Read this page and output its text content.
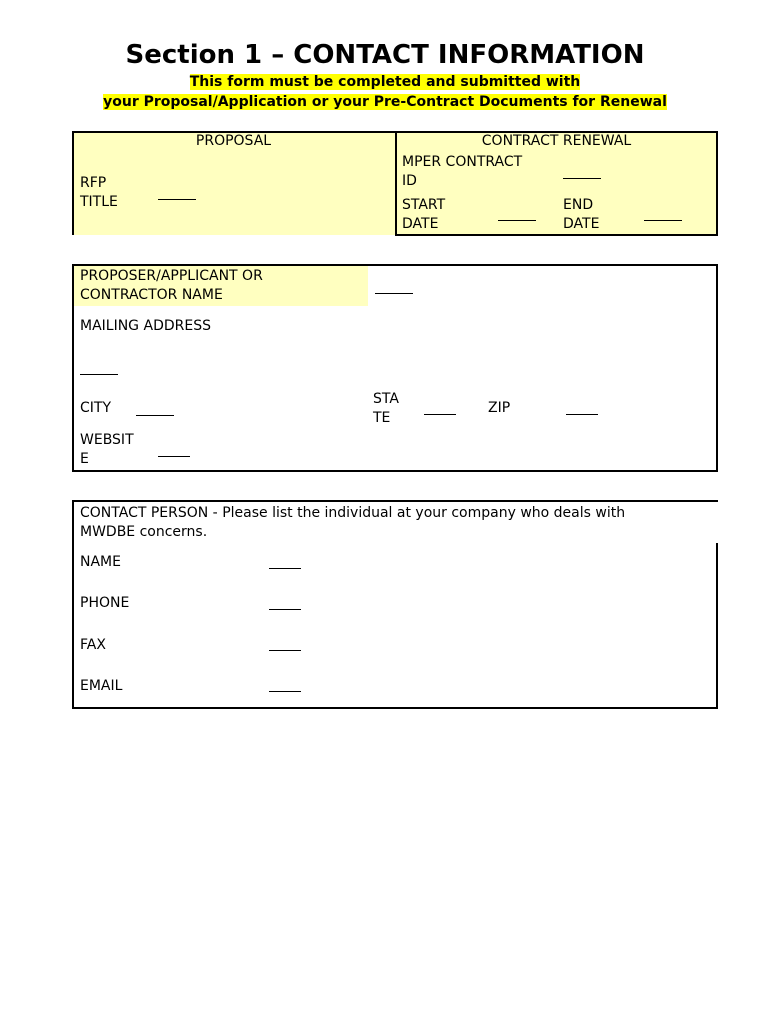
Section 1 – CONTACT INFORMATION
This form must be completed and submitted with
your Proposal/Application or your Pre-Contract Documents for Renewal
PROPOSAL
RFP
TITLE
CONTRACT RENEWAL
MPER CONTRACT
ID
START
DATE
END
DATE
PROPOSER/APPLICANT OR
CONTRACTOR NAME
MAILING ADDRESS
CITY
STA
TE
ZIP
WEBSIT
E
CONTACT PERSON - Please list the individual at your company who deals with
MWDBE concerns.
NAME
PHONE
FAX
EMAIL
